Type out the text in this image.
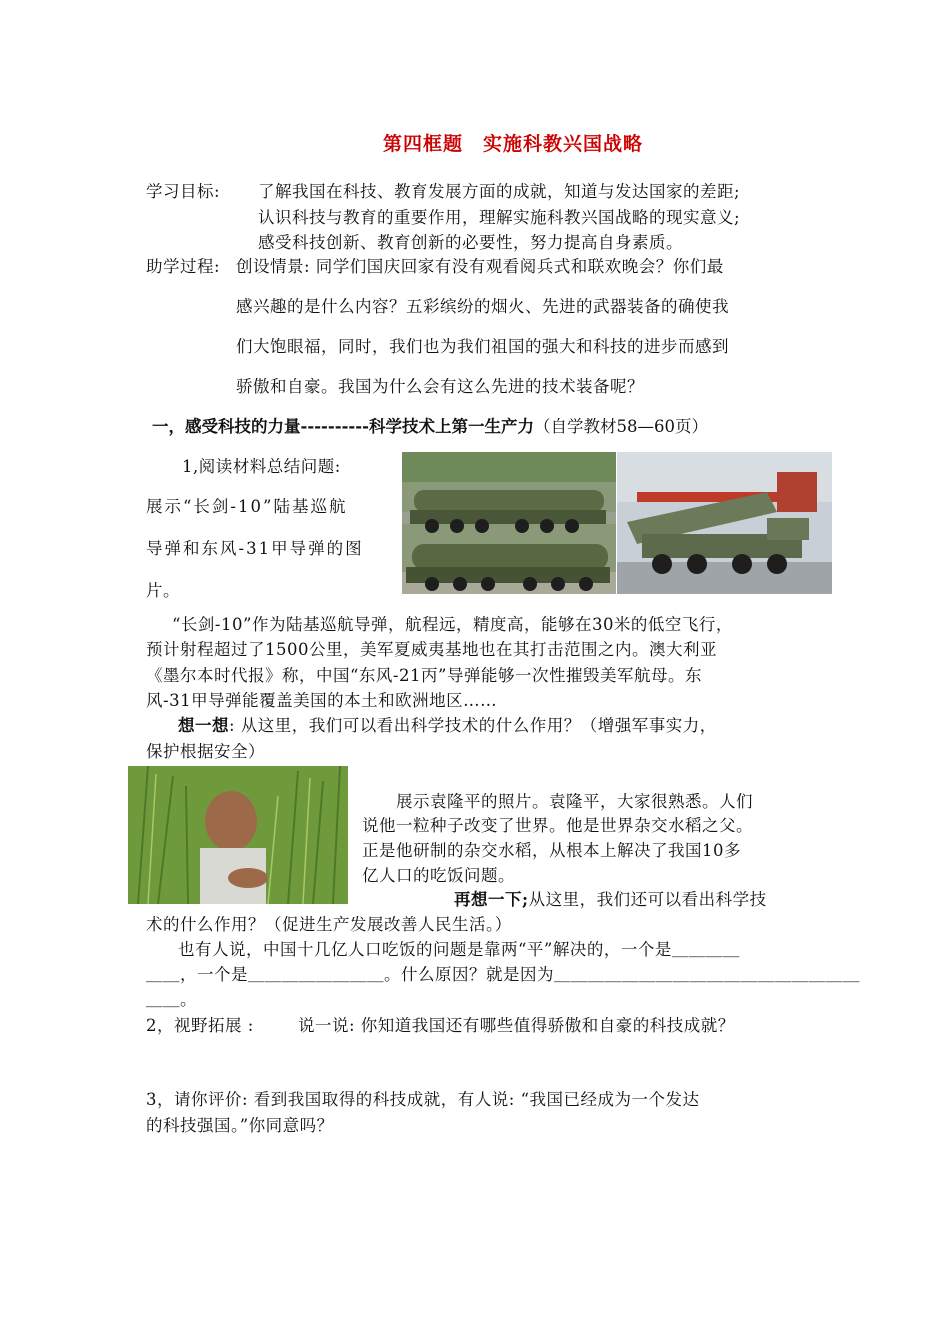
第四框题　实施科教兴国战略
学习目标: 了解我国在科技、教育发展方面的成就，知道与发达国家的差距;
认识科技与教育的重要作用，理解实施科教兴国战略的现实意义;
感受科技创新、教育创新的必要性，努力提高自身素质。
助学过程: 创设情景: 同学们国庆回家有没有观看阅兵式和联欢晚会？你们最
感兴趣的是什么内容？五彩缤纷的烟火、先进的武器装备的确使我
们大饱眼福，同时，我们也为我们祖国的强大和科技的进步而感到
骄傲和自豪。我国为什么会有这么先进的技术装备呢？
一，感受科技的力量----------科学技术上第一生产力（自学教材58—60页）
1,阅读材料总结问题:
展示“长剑-10”陆基巡航
导弹和东风-31甲导弹的图
片。
“长剑-10”作为陆基巡航导弹，航程远，精度高，能够在30米的低空飞行，
预计射程超过了1500公里，美军夏威夷基地也在其打击范围之内。澳大利亚
《墨尔本时代报》称，中国“东风-21丙”导弹能够一次性摧毁美军航母。东
风-31甲导弹能覆盖美国的本土和欧洲地区……
想一想: 从这里，我们可以看出科学技术的什么作用？（增强军事实力，
保护根据安全）
展示袁隆平的照片。袁隆平，大家很熟悉。人们
说他一粒种子改变了世界。他是世界杂交水稻之父。
正是他研制的杂交水稻，从根本上解决了我国10多
亿人口的吃饭问题。
再想一下;从这里，我们还可以看出科学技
术的什么作用？（促进生产发展改善人民生活。）
也有人说，中国十几亿人口吃饭的问题是靠两“平”解决的，一个是＿＿＿＿
＿＿，一个是＿＿＿＿＿＿＿＿。什么原因？就是因为＿＿＿＿＿＿＿＿＿＿＿＿＿＿＿＿＿＿
＿＿。
2，视野拓展 :	说一说: 你知道我国还有哪些值得骄傲和自豪的科技成就？
3，请你评价: 看到我国取得的科技成就，有人说: “我国已经成为一个发达
的科技强国。”你同意吗？
